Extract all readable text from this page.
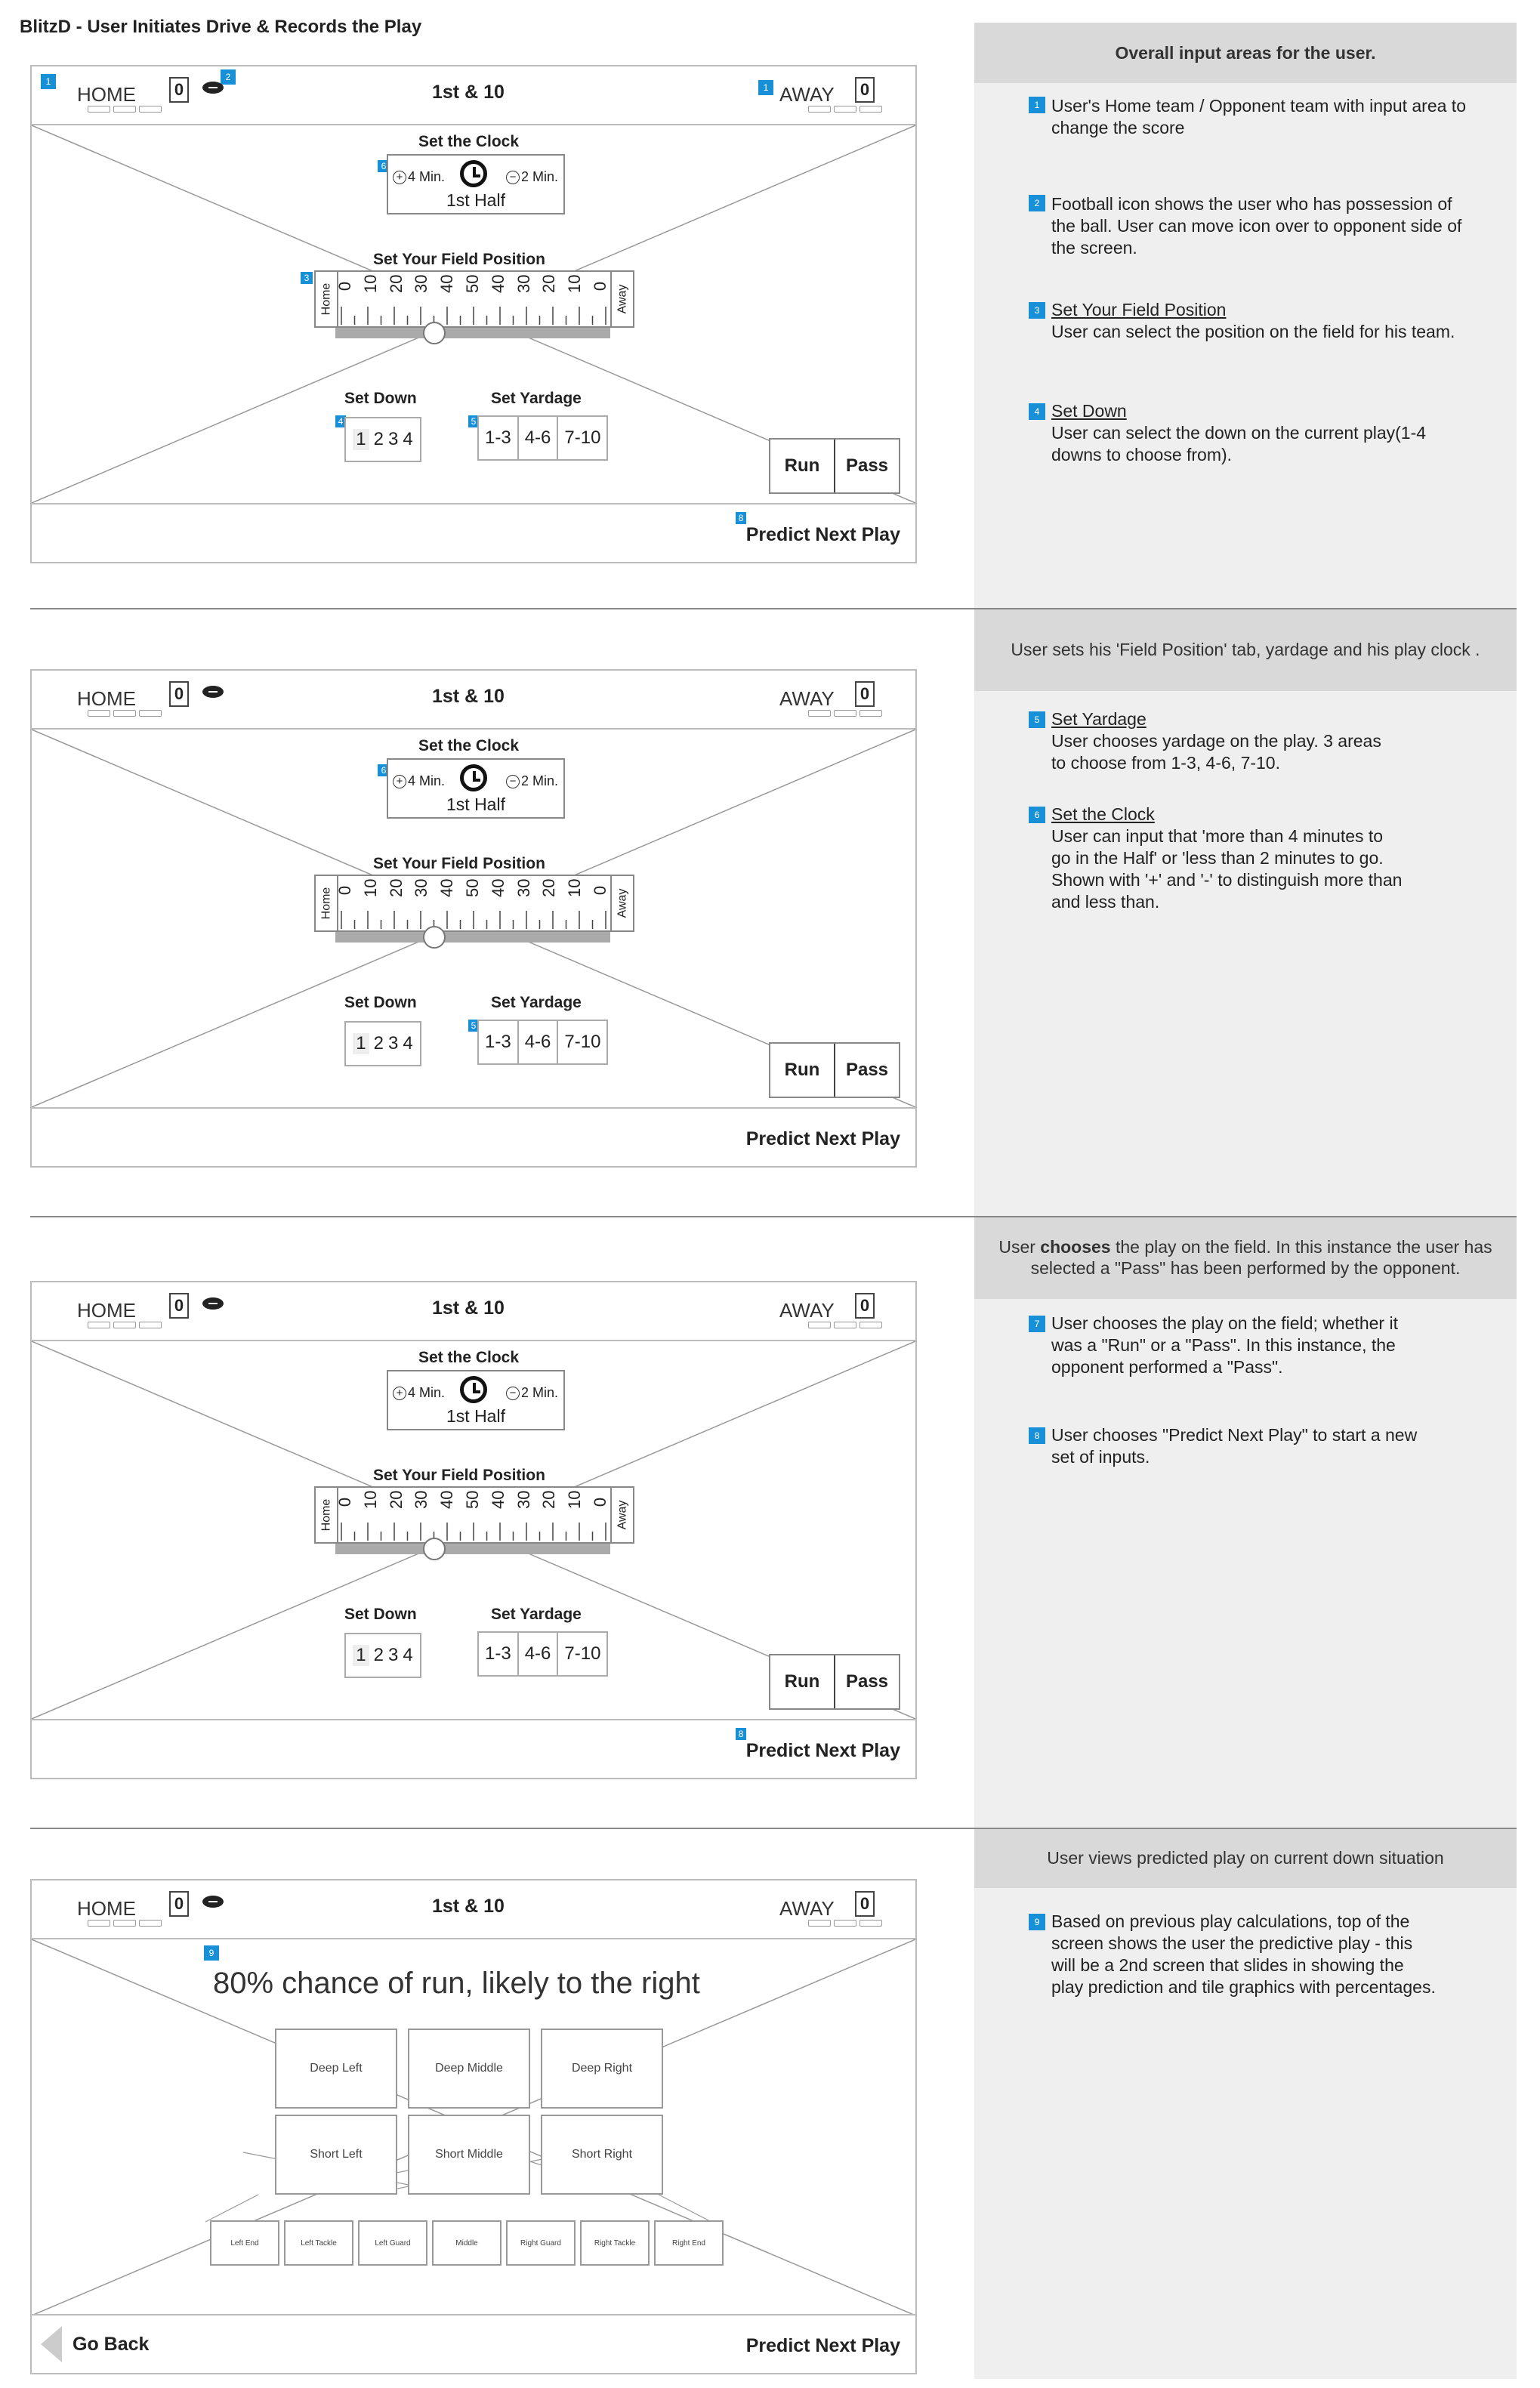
BlitzD - User Initiates Drive & Records the Play
Overall input areas for the user.
User sets his 'Field Position' tab, yardage and his play clock .
User chooses the play on the field. In this instance the user has selected a "Pass" has been performed by the opponent.
User views predicted play on current down situation
1 User's Home team / Opponent team with input area to change the score
2 Football icon shows the user who has possession of the ball. User can move icon over to opponent side of the screen.
3 Set Your Field Position
User can select the position on the field for his team.
4 Set Down
User can select the down on the current play(1-4 downs to choose from).
5 Set Yardage
User chooses yardage on the play. 3 areas to choose from 1-3, 4-6, 7-10.
6 Set the Clock
User can input that 'more than 4 minutes to go in the Half' or 'less than 2 minutes to go. Shown with '+' and '-' to distinguish more than and less than.
7 User chooses the play on the field; whether it was a "Run" or a "Pass". In this instance, the opponent performed a "Pass".
8 User chooses "Predict Next Play" to start a new set of inputs.
9 Based on previous play calculations, top of the screen shows the user the predictive play - this will be a 2nd screen that slides in showing the play prediction and tile graphics with percentages.
1
HOME	0
2
1st & 10	1 AWAY	0
Set the Clock
6
+ 4 Min.	− 2 Min.
1st Half
Set Your Field Position
3
Home 0 10 20 30 40 50 40 30 20 10 0 Away
Set Down
4
1 2 3 4
Set Yardage
5
1-3 4-6 7-10
Run	Pass
8
Predict Next Play
HOME	0	1st & 10	AWAY	0
Set the Clock
6
+ 4 Min.	− 2 Min.
1st Half
Set Your Field Position
Home 0 10 20 30 40 50 40 30 20 10 0 Away
Set Down
1 2 3 4
Set Yardage
5
1-3 4-6 7-10
Run	Pass
Predict Next Play
HOME	0	1st & 10	AWAY	0
Set the Clock
+ 4 Min.	− 2 Min.
1st Half
Set Your Field Position
Home 0 10 20 30 40 50 40 30 20 10 0 Away
Set Down
1 2 3 4
Set Yardage
1-3 4-6 7-10
Run	Pass
8
Predict Next Play
HOME	0	1st & 10	AWAY	0
9
80% chance of run, likely to the right
Deep Left	Deep Middle	Deep Right
Short Left	Short Middle	Short Right
Left End	Left Tackle	Left Guard	Middle	Right Guard	Right Tackle	Right End
Go Back	Predict Next Play
